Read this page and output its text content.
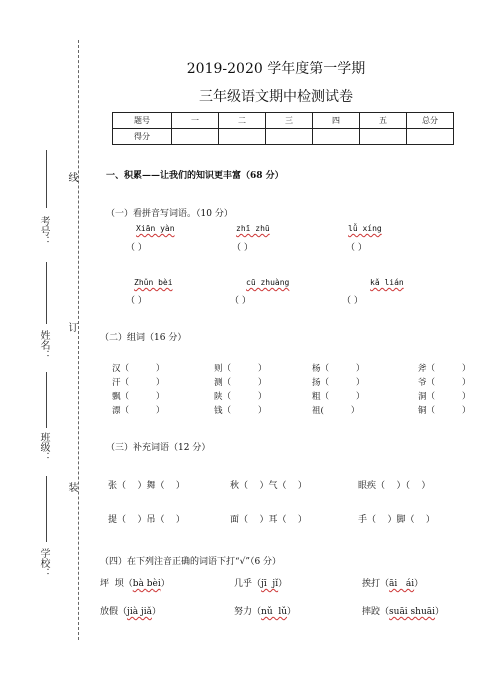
线
订
装
考号：
姓名：
班级：
学校：
2019-2020 学年度第一学期
三年级语文期中检测试卷
题号	一	二	三	四	五	总分
得分						
一、积累——让我们的知识更丰富（68 分）
（一）看拼音写词语。（10 分）
Xiān yàn	zhī zhū	lǚ xíng
（ ）	（ ）	（ ）
Zhǔn bèi	cū zhuàng	kǎ lián
（ ）	（ ）	（ ）
（二）组词（16 分）
汉（          ）	则（          ）	杨（          ）	斧（          ）
汗（          ）	测（          ）	扬（          ）	爷（          ）
飘（          ）	陕（          ）	粗（          ）	洞（          ）
漂（          ）	钱（          ）	祖(          ）	铜（          ）
（三）补充词语（12 分）
张（    ）舞（    ）	秋（    ）气（    ）	眼疾（    ）（    ）
提（    ）吊（    ）	面（    ）耳（    ）	手（    ）脚（    ）
（四）在下列注音正确的词语下打“√”（6 分）
坪  坝（bà bèi）	几乎（jī  jǐ）	挨打（āi   ái）
放假（jià jiǎ）	努力（nǔ  lǔ）	摔跤（suāi shuāi）
